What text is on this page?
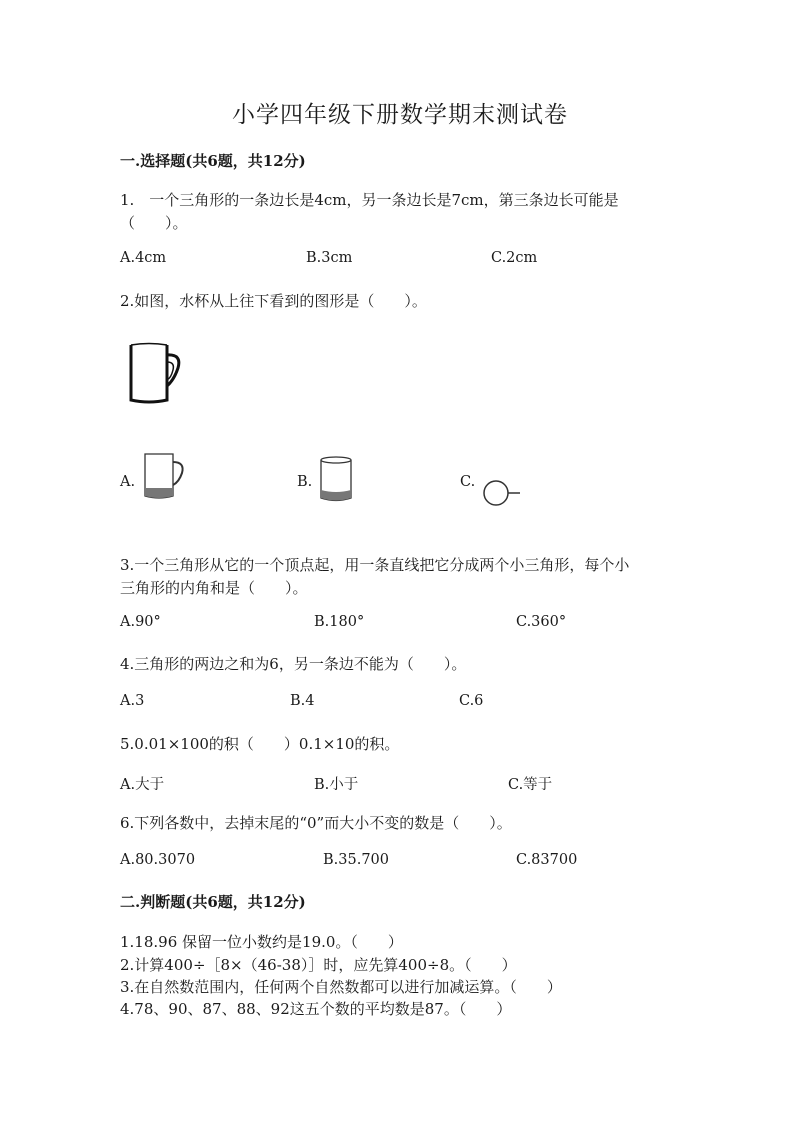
小学四年级下册数学期末测试卷
一.选择题(共6题，共12分)
1.　一个三角形的一条边长是4cm，另一条边长是7cm，第三条边长可能是
（　　）。
A.4cm	B.3cm	C.2cm
2.如图，水杯从上往下看到的图形是（　　）。
A.	B.	C.
3.一个三角形从它的一个顶点起，用一条直线把它分成两个小三角形，每个小
三角形的内角和是（　　）。
A.90°	B.180°	C.360°
4.三角形的两边之和为6，另一条边不能为（　　）。
A.3	B.4	C.6
5.0.01×100的积（　　）0.1×10的积。
A.大于	B.小于	C.等于
6.下列各数中，去掉末尾的“0”而大小不变的数是（　　）。
A.80.3070	B.35.700	C.83700
二.判断题(共6题，共12分)
1.18.96 保留一位小数约是19.0。（　　）
2.计算400÷［8×（46-38）］时，应先算400÷8。（　　）
3.在自然数范围内，任何两个自然数都可以进行加减运算。（　　）
4.78、90、87、88、92这五个数的平均数是87。（　　）
